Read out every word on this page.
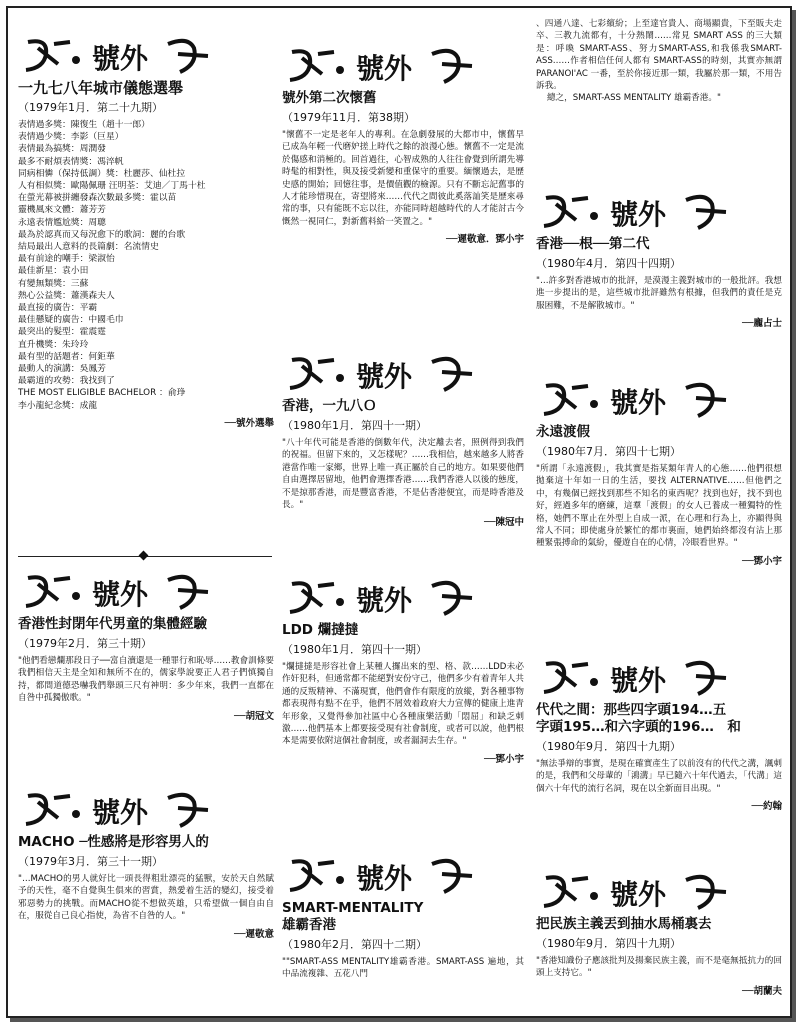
號外
一九七八年城市儀態選舉
（1979年1月．第二十九期）
表情過多獎：陳復生（趙十一郎）
表情過少獎：李影（巨星）
表情最為搞獎：周潤發
最多不耐煩表情獎：馮淬帆
同病相憐（保持低調）獎：杜麗莎、仙杜拉
人有相似獎：歐陽佩珊 汪明荃：艾迪／丁馬十杜
在螢光幕被拼纏發森次數最多獎：霍以苗
靈機風來文體：蕭芳芳
永遠表情尷尬獎：周聰
最為於認真而又每況愈下的歌詞：麗的台歌
結局最出人意料的長篇劇：名流情史
最有前途的嘲手：梁淑怡
最佳新星：袁小田
有變無類獎：三蘇
熱心公益獎：蕭漢森夫人
最直接的廣告：平霸
最佳懸疑的廣告：中國毛巾
最突出的髮型：霍震霆
直升機獎：朱玲玲
最有型的話題者：何鉅華
最動人的演講：吳鳳芳
最霸道的攻勢：我找到了
THE MOST ELIGIBLE BACHELOR ：俞琤
李小龍紀念獎：成龍
──號外選舉
號外
香港性封閉年代男童的集體經驗
（1979年2月．第三十期）

"他們看戀爛那段日子──富自瀆還是一種罪行和恥辱……教會訓條要我們相信天主是全知和無所不在的，儒家學說要正人君子們慎獨自持，都間道德恐嚇我們舉頭三尺有神明：多少年來，我們一直都在自咎中孤獨傲歌。"

──胡冠文
號外
MACHO ─性感將是形容男人的
（1979年3月．第三十一期）

"…MACHO的男人就好比一頭長得粗壯漂亮的猛獸，安於天自然賦予的天性，毫不自覺與生俱來的習賞，熱愛着生活的變幻，接受着邪惡勢力的挑戰。而MACHO從不想做英雄，只希望做一個自由自在，服從自己良心指使，為省不自咎的人。"

──遲敬意
號外
號外第二次懷舊
（1979年11月．第38期）

"懷舊不一定是老年人的專利。在急劇發展的大都市中，懷舊早已成為年輕一代磨妒搓上時代之餘的浪漫心態。懷舊不一定是流於傷感和消極的。回首過往，心智成熟的人往往會覺到所謂先導時髦的相對性，與及接受新變和重保守的重要。緬懷過去，是歷史感的開始；回憶往事，是價值觀的檢源。只有不斷忘記舊事的人才能珍惜現在，寄望將來……代代之間彼此奚落訕笑是歷來尋常的事，只有能既不忘以往，亦能同時超越時代的人才能討古今慨然一視同仁，對新舊料給一笑置之。"

──遲敬意．鄧小宇
號外
香港，一九八Ｏ
（1980年1月．第四十一期）

"八十年代可能是香港的倒數年代，決定離去者，照例得到我們的祝福。但留下來的，又怎樣呢？……我相信，越來越多人將香港當作唯一家鄉，世界上唯一真正屬於自己的地方。如果要他們自由選擇居留地，他們會選擇香港……我們香港人以後的態度，不是掠那香港，而是豐富香港，不是佔香港便宜，而是時香港及長。"

──陳冠中
號外
LDD 爛撻撻
（1980年1月．第四十一期）

"爛撻撻是形容社會上某種人攞出來的型、格、款……LDD未必作奸犯科，但通常都不能絕對安份守己，他們多少有着青年人共通的反叛精神、不滿現實，他們會作有限度的放縱，對各種事物都表現得有點不在乎，他們不屑效着政府大力宣傳的健康上進青年形象，又覺得參加社區中心各種康樂活動「悶屈」和缺乏刺激……他們基本上都要接受現有社會制度，或者可以說，他們根本是需要依附這個社會制度，或者漏洞去生存。"

──鄧小宇
號外
SMART-MENTALITY
雄霸香港
（1980年2月．第四十二期）

""SMART-ASS MENTALITY雄霸香港。SMART-ASS 遍地，其中品流複雜、五花八門

、四通八達、七彩繽紛；上至達官貴人、商場顯貴，下至販夫走卒、三教九流都有，十分熱鬧……常見 SMART ASS 的三大類是：呼喚 SMART-ASS、努力SMART-ASS,和我係我SMART-ASS……作者相信任何人都有 SMART-ASS的時刻，其實亦無謂PARANOI'AC 一番，至於你接近那一類，我屬於那一類，不用告訴我。
總之，SMART-ASS MENTALITY 雄霸香港。"

號外
香港──根──第二代
（1980年4月．第四十四期）

"…許多對香港城市的批評，是漠漫主義對城市的一般批評。我想進一步提出的是，這些城市批評雖然有根據，但我們的責任是克服困難，不是解散城市。"

──龐占士
號外
永遠渡假
（1980年7月．第四十七期）

"所謂「永遠渡假」，我其實是指某類年青人的心態……他們很想拋棄這十年如一日的生活，要找 ALTERNATIVE……但他們之中，有幾個已經找到那些不知名的東西呢？找到也好，找不到也好，經過多年的磨練，這羣「渡假」的女人已養成一種獨特的性格，她們不單止在外型上自成一派，在心理和行為上，亦顯得與常人不同；即使處身於繁忙的都市裏面，她們始終都沒有沾上那種緊張搏命的氣紛，優遊自在的心情，冷眼看世界。"

──鄧小宇
號外
代代之間：那些四字頭194…五
字頭195…和六字頭的196…　和
（1980年9月．第四十九期）

"無法爭辯的事實，是現在確實產生了以前沒有的代代之溝，諷刺的是，我們和父母輩的「鴻溝」早已隨六十年代過去，「代溝」這個六十年代的流行名詞，現在以全新面目出現。"

──約翰
號外
把民族主義丟到抽水馬桶裏去
（1980年9月．第四十九期）

"香港知識份子應該批判及揚棄民族主義，而不是毫無抵抗力的回頭上支持它。"

──胡蘭夫
